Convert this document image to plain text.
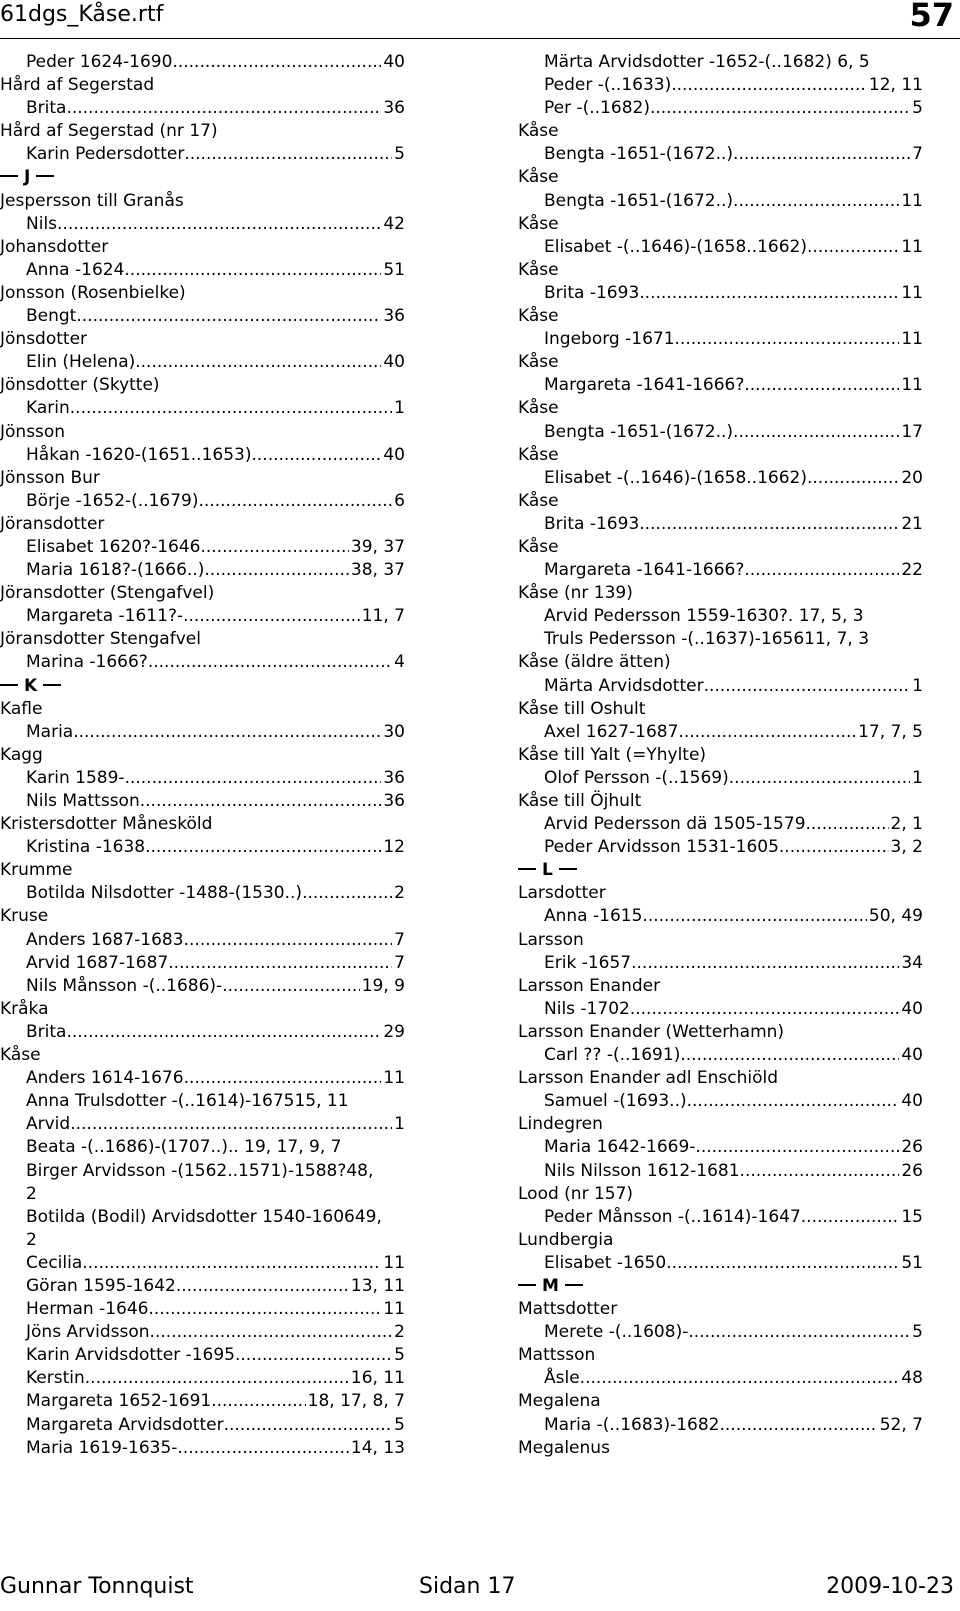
61dgs_Kåse.rtf	57
Peder 1624-1690 .....	40
Hård af Segerstad
Brita .....	36
Hård af Segerstad (nr 17)
Karin Pedersdotter .....	5
J
Jespersson till Granås
Nils .....	42
Johansdotter
Anna -1624 .....	51
Jonsson (Rosenbielke)
Bengt .....	36
Jönsdotter
Elin (Helena) .....	40
Jönsdotter (Skytte)
Karin .....	1
Jönsson
Håkan -1620-(1651..1653) .....	40
Jönsson Bur
Börje -1652-(..1679) .....	6
Jöransdotter
Elisabet 1620?-1646 .....	39, 37
Maria 1618?-(1666..) .....	38, 37
Jöransdotter (Stengafvel)
Margareta -1611?- .....	11, 7
Jöransdotter Stengafvel
Marina -1666? .....	4
K
Kafle
Maria .....	30
Kagg
Karin 1589- .....	36
Nils Mattsson .....	36
Kristersdotter Månesköld
Kristina -1638 .....	12
Krumme
Botilda Nilsdotter -1488-(1530..) .....	2
Kruse
Anders 1687-1683 .....	7
Arvid 1687-1687 .....	7
Nils Månsson -(..1686)- .....	19, 9
Kråka
Brita .....	29
Kåse
Anders 1614-1676 .....	11
Anna Trulsdotter -(..1614)-167515, 11
Arvid .....	1
Beata -(..1686)-(1707..).. 19, 17, 9, 7
Birger Arvidsson -(1562..1571)-1588?48,
2
Botilda (Bodil) Arvidsdotter 1540-160649,
2
Cecilia .....	11
Göran 1595-1642 .....	13, 11
Herman -1646 .....	11
Jöns Arvidsson .....	2
Karin Arvidsdotter -1695 .....	5
Kerstin .....	16, 11
Margareta 1652-1691 .....	18, 17, 8, 7
Margareta Arvidsdotter .....	5
Maria 1619-1635- .....	14, 13
Märta Arvidsdotter -1652-(..1682) 6, 5
Peder -(..1633) .....	12, 11
Per -(..1682) .....	5
Kåse
Bengta -1651-(1672..) .....	7
Kåse
Bengta -1651-(1672..) .....	11
Kåse
Elisabet -(..1646)-(1658..1662) .....	11
Kåse
Brita -1693 .....	11
Kåse
Ingeborg -1671 .....	11
Kåse
Margareta -1641-1666? .....	11
Kåse
Bengta -1651-(1672..) .....	17
Kåse
Elisabet -(..1646)-(1658..1662) .....	20
Kåse
Brita -1693 .....	21
Kåse
Margareta -1641-1666? .....	22
Kåse (nr 139)
Arvid Pedersson 1559-1630?. 17, 5, 3
Truls Pedersson -(..1637)-165611, 7, 3
Kåse (äldre ätten)
Märta Arvidsdotter .....	1
Kåse till Oshult
Axel 1627-1687 .....	17, 7, 5
Kåse till Yalt (=Yhylte)
Olof Persson -(..1569) .....	1
Kåse till Öjhult
Arvid Pedersson dä 1505-1579 .....	2, 1
Peder Arvidsson 1531-1605 .....	3, 2
L
Larsdotter
Anna -1615 .....	50, 49
Larsson
Erik -1657 .....	34
Larsson Enander
Nils -1702 .....	40
Larsson Enander (Wetterhamn)
Carl ?? -(..1691) .....	40
Larsson Enander adl Enschiöld
Samuel -(1693..) .....	40
Lindegren
Maria 1642-1669- .....	26
Nils Nilsson 1612-1681 .....	26
Lood (nr 157)
Peder Månsson -(..1614)-1647 .....	15
Lundbergia
Elisabet -1650 .....	51
M
Mattsdotter
Merete -(..1608)- .....	5
Mattsson
Åsle .....	48
Megalena
Maria -(..1683)-1682 .....	52, 7
Megalenus
Gunnar Tonnquist	Sidan 17	2009-10-23
